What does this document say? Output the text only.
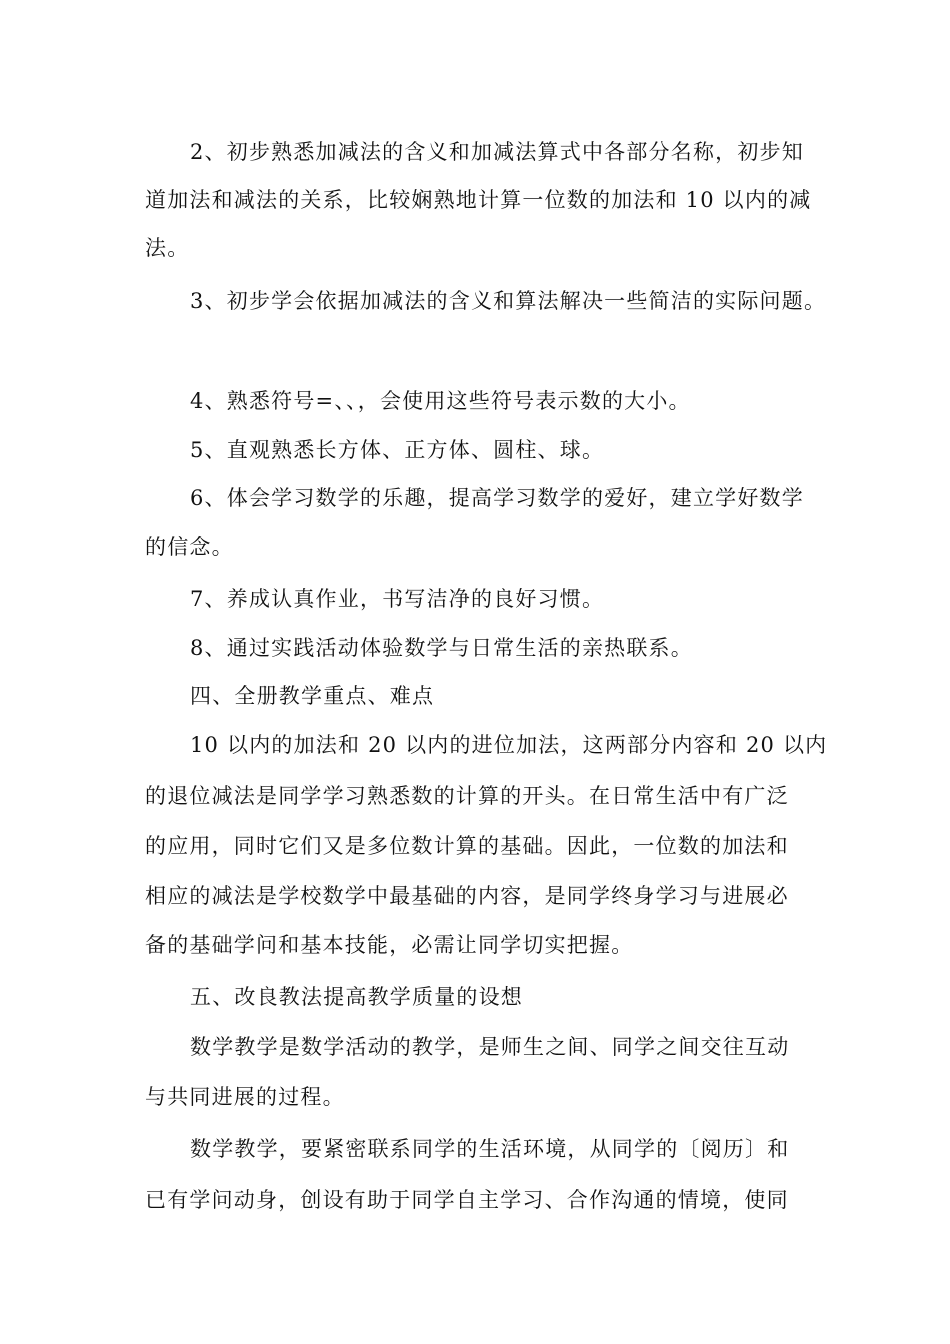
2、初步熟悉加减法的含义和加减法算式中各部分名称，初步知
道加法和减法的关系，比较娴熟地计算一位数的加法和 10 以内的减
法。
3、初步学会依据加减法的含义和算法解决一些简洁的实际问题。
4、熟悉符号=、、，会使用这些符号表示数的大小。
5、直观熟悉长方体、正方体、圆柱、球。
6、体会学习数学的乐趣，提高学习数学的爱好，建立学好数学
的信念。
7、养成认真作业，书写洁净的良好习惯。
8、通过实践活动体验数学与日常生活的亲热联系。
四、全册教学重点、难点
10 以内的加法和 20 以内的进位加法，这两部分内容和 20 以内
的退位减法是同学学习熟悉数的计算的开头。在日常生活中有广泛
的应用，同时它们又是多位数计算的基础。因此，一位数的加法和
相应的减法是学校数学中最基础的内容，是同学终身学习与进展必
备的基础学问和基本技能，必需让同学切实把握。
五、改良教法提高教学质量的设想
数学教学是数学活动的教学，是师生之间、同学之间交往互动
与共同进展的过程。
数学教学，要紧密联系同学的生活环境，从同学的〔阅历〕和
已有学问动身，创设有助于同学自主学习、合作沟通的情境，使同
